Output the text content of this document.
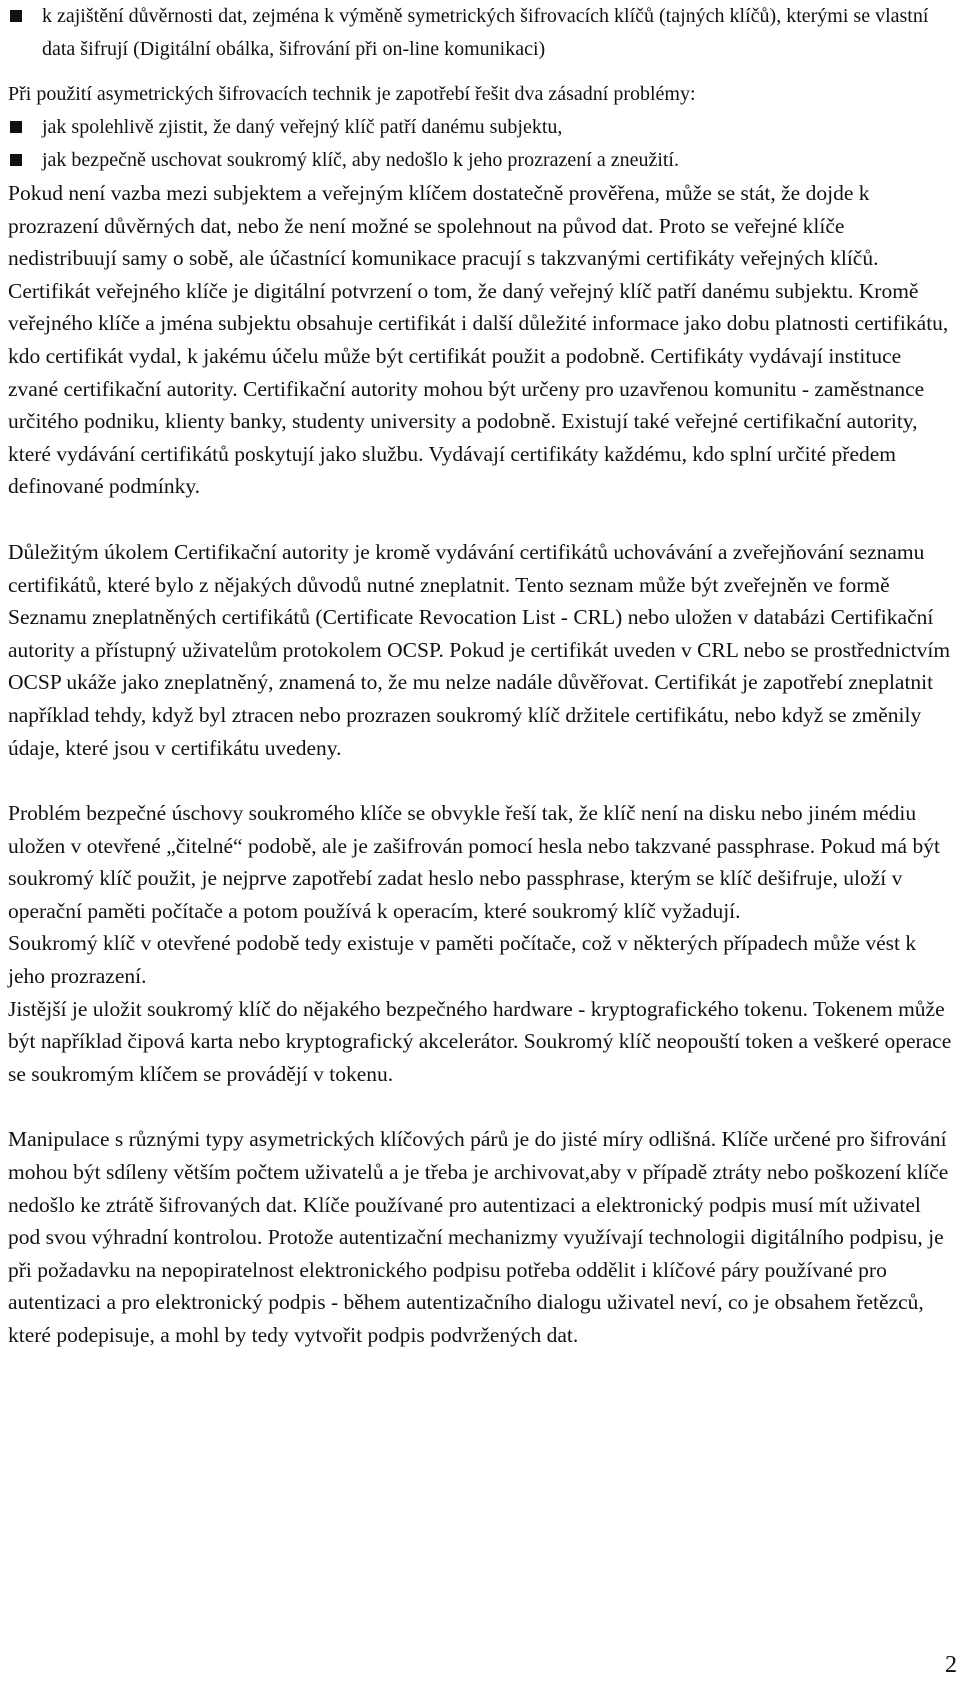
k zajištění důvěrnosti dat, zejména k výměně symetrických šifrovacích klíčů (tajných klíčů), kterými se vlastní data šifrují (Digitální obálka, šifrování při on-line komunikaci)
Při použití asymetrických šifrovacích technik je zapotřebí řešit dva zásadní problémy:
jak spolehlivě zjistit, že daný veřejný klíč patří danému subjektu,
jak bezpečně uschovat soukromý klíč, aby nedošlo k jeho prozrazení a zneužití.

Pokud není vazba mezi subjektem a veřejným klíčem dostatečně prověřena, může se stát, že dojde k prozrazení důvěrných dat, nebo že není možné se spolehnout na původ dat. Proto se veřejné klíče nedistribuují samy o sobě, ale účastnící komunikace pracují s takzvanými certifikáty veřejných klíčů. Certifikát veřejného klíče je digitální potvrzení o tom, že daný veřejný klíč patří danému subjektu. Kromě veřejného klíče a jména subjektu obsahuje certifikát i další důležité informace jako dobu platnosti certifikátu, kdo certifikát vydal, k jakému účelu může být certifikát použit a podobně. Certifikáty vydávají instituce zvané certifikační autority. Certifikační autority mohou být určeny pro uzavřenou komunitu - zaměstnance určitého podniku, klienty banky, studenty university a podobně. Existují také veřejné certifikační autority, které vydávání certifikátů poskytují jako službu. Vydávají certifikáty každému, kdo splní určité předem definované podmínky.

Důležitým úkolem Certifikační autority je kromě vydávání certifikátů uchovávání a zveřejňování seznamu certifikátů, které bylo z nějakých důvodů nutné zneplatnit. Tento seznam může být zveřejněn ve formě Seznamu zneplatněných certifikátů (Certificate Revocation List - CRL) nebo uložen v databázi Certifikační autority a přístupný uživatelům protokolem OCSP. Pokud je certifikát uveden v CRL nebo se prostřednictvím OCSP ukáže jako zneplatněný, znamená to, že mu nelze nadále důvěřovat. Certifikát je zapotřebí zneplatnit například tehdy, když byl ztracen nebo prozrazen soukromý klíč držitele certifikátu, nebo když se změnily údaje, které jsou v certifikátu uvedeny.

Problém bezpečné úschovy soukromého klíče se obvykle řeší tak, že klíč není na disku nebo jiném médiu uložen v otevřené „čitelné“ podobě, ale je zašifrován pomocí hesla nebo takzvané passphrase. Pokud má být soukromý klíč použit, je nejprve zapotřebí zadat heslo nebo passphrase, kterým se klíč dešifruje, uloží v operační paměti počítače a potom používá k operacím, které soukromý klíč vyžadují.

Soukromý klíč v otevřené podobě tedy existuje v paměti počítače, což v některých případech může vést k jeho prozrazení.

Jistější je uložit soukromý klíč do nějakého bezpečného hardware - kryptografického tokenu. Tokenem může být například čipová karta nebo kryptografický akcelerátor. Soukromý klíč neopouští token a veškeré operace se soukromým klíčem se provádějí v tokenu.

Manipulace s různými typy asymetrických klíčových párů je do jisté míry odlišná. Klíče určené pro šifrování mohou být sdíleny větším počtem uživatelů a je třeba je archivovat,aby v případě ztráty nebo poškození klíče nedošlo ke ztrátě šifrovaných dat. Klíče používané pro autentizaci a elektronický podpis musí mít uživatel pod svou výhradní kontrolou. Protože autentizační mechanizmy využívají technologii digitálního podpisu, je při požadavku na nepopiratelnost elektronického podpisu potřeba oddělit i klíčové páry používané pro autentizaci a pro elektronický podpis - během autentizačního dialogu uživatel neví, co je obsahem řetězců, které podepisuje, a mohl by tedy vytvořit podpis podvržených dat.

2
